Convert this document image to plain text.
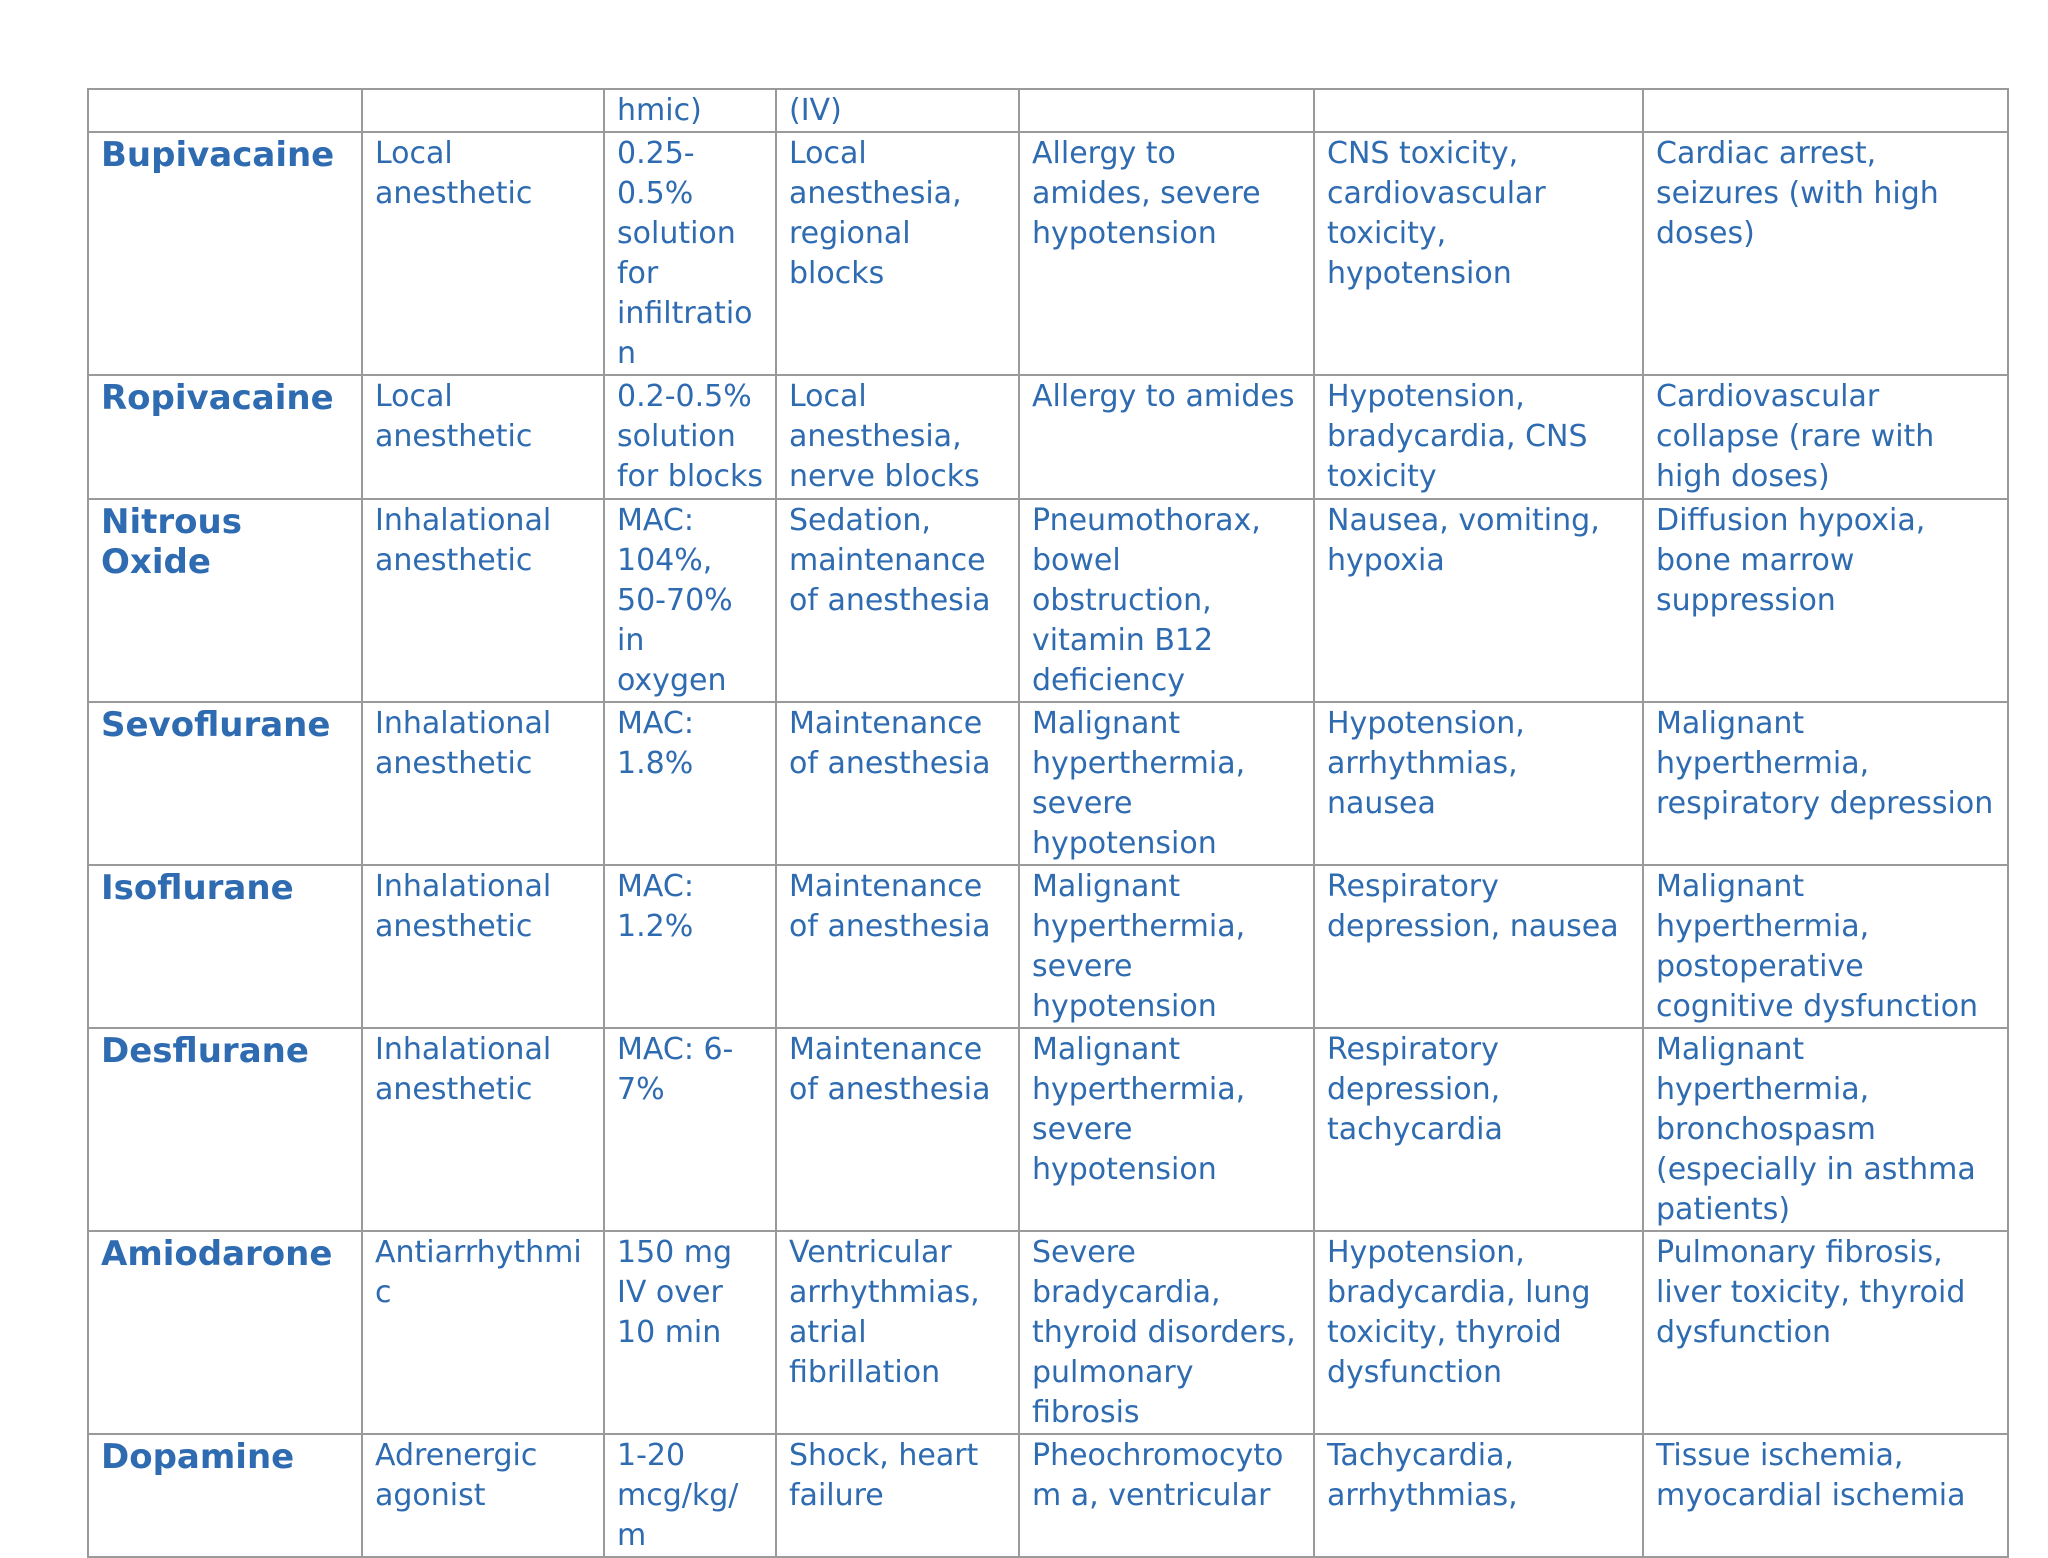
		hmic)	(IV)			
Bupivacaine	Local anesthetic	0.25-0.5% solution for infiltration	Local anesthesia, regional blocks	Allergy to amides, severe hypotension	CNS toxicity, cardiovascular toxicity, hypotension	Cardiac arrest, seizures (with high doses)
Ropivacaine	Local anesthetic	0.2-0.5% solution for blocks	Local anesthesia, nerve blocks	Allergy to amides	Hypotension, bradycardia, CNS toxicity	Cardiovascular collapse (rare with high doses)
Nitrous Oxide	Inhalational anesthetic	MAC: 104%, 50-70% in oxygen	Sedation, maintenance of anesthesia	Pneumothorax, bowel obstruction, vitamin B12 deficiency	Nausea, vomiting, hypoxia	Diffusion hypoxia, bone marrow suppression
Sevoflurane	Inhalational anesthetic	MAC: 1.8%	Maintenance of anesthesia	Malignant hyperthermia, severe hypotension	Hypotension, arrhythmias, nausea	Malignant hyperthermia, respiratory depression
Isoflurane	Inhalational anesthetic	MAC: 1.2%	Maintenance of anesthesia	Malignant hyperthermia, severe hypotension	Respiratory depression, nausea	Malignant hyperthermia, postoperative cognitive dysfunction
Desflurane	Inhalational anesthetic	MAC: 6-7%	Maintenance of anesthesia	Malignant hyperthermia, severe hypotension	Respiratory depression, tachycardia	Malignant hyperthermia, bronchospasm (especially in asthma patients)
Amiodarone	Antiarrhythmic	150 mg IV over 10 min	Ventricular arrhythmias, atrial fibrillation	Severe bradycardia, thyroid disorders, pulmonary fibrosis	Hypotension, bradycardia, lung toxicity, thyroid dysfunction	Pulmonary fibrosis, liver toxicity, thyroid dysfunction
Dopamine	Adrenergic agonist	1-20 mcg/kg/m	Shock, heart failure	Pheochromocytom a, ventricular	Tachycardia, arrhythmias,	Tissue ischemia, myocardial ischemia
